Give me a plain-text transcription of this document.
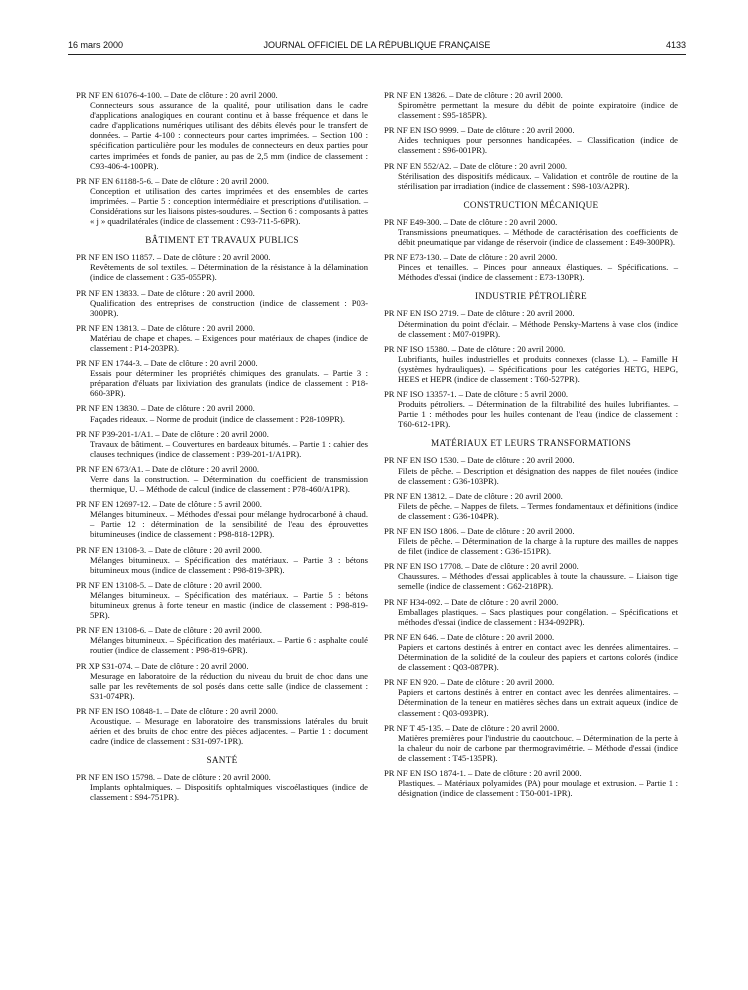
16 mars 2000	JOURNAL OFFICIEL DE LA RÉPUBLIQUE FRANÇAISE	4133

PR NF EN 61076-4-100. – Date de clôture : 20 avril 2000.

Connecteurs sous assurance de la qualité, pour utilisation dans le cadre d'applications analogiques en courant continu et à basse fréquence et dans le cadre d'applications numériques utilisant des débits élevés pour le transfert de données. – Partie 4-100 : connecteurs pour cartes imprimées. – Section 100 : spécification particulière pour les modules de connecteurs en deux parties pour cartes imprimées et fonds de panier, au pas de 2,5 mm (indice de classement : C93-406-4-100PR).

PR NF EN 61188-5-6. – Date de clôture : 20 avril 2000.

Conception et utilisation des cartes imprimées et des ensembles de cartes imprimées. – Partie 5 : conception intermédiaire et prescriptions d'utilisation. – Considérations sur les liaisons pistes-soudures. – Section 6 : composants à pattes « j » quadrilatérales (indice de classement : C93-711-5-6PR).

BÂTIMENT ET TRAVAUX PUBLICS

PR NF EN ISO 11857. – Date de clôture : 20 avril 2000.

Revêtements de sol textiles. – Détermination de la résistance à la délamination (indice de classement : G35-055PR).

PR NF EN 13833. – Date de clôture : 20 avril 2000.

Qualification des entreprises de construction (indice de classement : P03-300PR).

PR NF EN 13813. – Date de clôture : 20 avril 2000.

Matériau de chape et chapes. – Exigences pour matériaux de chapes (indice de classement : P14-203PR).

PR NF EN 1744-3. – Date de clôture : 20 avril 2000.

Essais pour déterminer les propriétés chimiques des granulats. – Partie 3 : préparation d'éluats par lixiviation des granulats (indice de classement : P18-660-3PR).

PR NF EN 13830. – Date de clôture : 20 avril 2000.

Façades rideaux. – Norme de produit (indice de classement : P28-109PR).

PR NF P39-201-1/A1. – Date de clôture : 20 avril 2000.

Travaux de bâtiment. – Couvertures en bardeaux bitumés. – Partie 1 : cahier des clauses techniques (indice de classement : P39-201-1/A1PR).

PR NF EN 673/A1. – Date de clôture : 20 avril 2000.

Verre dans la construction. – Détermination du coefficient de transmission thermique, U. – Méthode de calcul (indice de classement : P78-460/A1PR).

PR NF EN 12697-12. – Date de clôture : 5 avril 2000.

Mélanges bitumineux. – Méthodes d'essai pour mélange hydrocarboné à chaud. – Partie 12 : détermination de la sensibilité de l'eau des éprouvettes bitumineuses (indice de classement : P98-818-12PR).

PR NF EN 13108-3. – Date de clôture : 20 avril 2000.

Mélanges bitumineux. – Spécification des matériaux. – Partie 3 : bétons bitumineux mous (indice de classement : P98-819-3PR).

PR NF EN 13108-5. – Date de clôture : 20 avril 2000.

Mélanges bitumineux. – Spécification des matériaux. – Partie 5 : bétons bitumineux grenus à forte teneur en mastic (indice de classement : P98-819-5PR).

PR NF EN 13108-6. – Date de clôture : 20 avril 2000.

Mélanges bitumineux. – Spécification des matériaux. – Partie 6 : asphalte coulé routier (indice de classement : P98-819-6PR).

PR XP S31-074. – Date de clôture : 20 avril 2000.

Mesurage en laboratoire de la réduction du niveau du bruit de choc dans une salle par les revêtements de sol posés dans cette salle (indice de classement : S31-074PR).

PR NF EN ISO 10848-1. – Date de clôture : 20 avril 2000.

Acoustique. – Mesurage en laboratoire des transmissions latérales du bruit aérien et des bruits de choc entre des pièces adjacentes. – Partie 1 : document cadre (indice de classement : S31-097-1PR).

SANTÉ

PR NF EN ISO 15798. – Date de clôture : 20 avril 2000.

Implants ophtalmiques. – Dispositifs ophtalmiques viscoélastiques (indice de classement : S94-751PR).

PR NF EN 13826. – Date de clôture : 20 avril 2000.

Spiromètre permettant la mesure du débit de pointe expiratoire (indice de classement : S95-185PR).

PR NF EN ISO 9999. – Date de clôture : 20 avril 2000.

Aides techniques pour personnes handicapées. – Classification (indice de classement : S96-001PR).

PR NF EN 552/A2. – Date de clôture : 20 avril 2000.

Stérilisation des dispositifs médicaux. – Validation et contrôle de routine de la stérilisation par irradiation (indice de classement : S98-103/A2PR).

CONSTRUCTION MÉCANIQUE

PR NF E49-300. – Date de clôture : 20 avril 2000.

Transmissions pneumatiques. – Méthode de caractérisation des coefficients de débit pneumatique par vidange de réservoir (indice de classement : E49-300PR).

PR NF E73-130. – Date de clôture : 20 avril 2000.

Pinces et tenailles. – Pinces pour anneaux élastiques. – Spécifications. – Méthodes d'essai (indice de classement : E73-130PR).

INDUSTRIE PÉTROLIÈRE

PR NF EN ISO 2719. – Date de clôture : 20 avril 2000.

Détermination du point d'éclair. – Méthode Pensky-Martens à vase clos (indice de classement : M07-019PR).

PR NF ISO 15380. – Date de clôture : 20 avril 2000.

Lubrifiants, huiles industrielles et produits connexes (classe L). – Famille H (systèmes hydrauliques). – Spécifications pour les catégories HETG, HEPG, HEES et HEPR (indice de classement : T60-527PR).

PR NF ISO 13357-1. – Date de clôture : 5 avril 2000.

Produits pétroliers. – Détermination de la filtrabilité des huiles lubrifiantes. – Partie 1 : méthodes pour les huiles contenant de l'eau (indice de classement : T60-612-1PR).

MATÉRIAUX ET LEURS TRANSFORMATIONS

PR NF EN ISO 1530. – Date de clôture : 20 avril 2000.

Filets de pêche. – Description et désignation des nappes de filet nouées (indice de classement : G36-103PR).

PR NF EN 13812. – Date de clôture : 20 avril 2000.

Filets de pêche. – Nappes de filets. – Termes fondamentaux et définitions (indice de classement : G36-104PR).

PR NF EN ISO 1806. – Date de clôture : 20 avril 2000.

Filets de pêche. – Détermination de la charge à la rupture des mailles de nappes de filet (indice de classement : G36-151PR).

PR NF EN ISO 17708. – Date de clôture : 20 avril 2000.

Chaussures. – Méthodes d'essai applicables à toute la chaussure. – Liaison tige semelle (indice de classement : G62-218PR).

PR NF H34-092. – Date de clôture : 20 avril 2000.

Emballages plastiques. – Sacs plastiques pour congélation. – Spécifications et méthodes d'essai (indice de classement : H34-092PR).

PR NF EN 646. – Date de clôture : 20 avril 2000.

Papiers et cartons destinés à entrer en contact avec les denrées alimentaires. – Détermination de la solidité de la couleur des papiers et cartons colorés (indice de classement : Q03-087PR).

PR NF EN 920. – Date de clôture : 20 avril 2000.

Papiers et cartons destinés à entrer en contact avec les denrées alimentaires. – Détermination de la teneur en matières sèches dans un extrait aqueux (indice de classement : Q03-093PR).

PR NF T 45-135. – Date de clôture : 20 avril 2000.

Matières premières pour l'industrie du caoutchouc. – Détermination de la perte à la chaleur du noir de carbone par thermogravimétrie. – Méthode d'essai (indice de classement : T45-135PR).

PR NF EN ISO 1874-1. – Date de clôture : 20 avril 2000.

Plastiques. – Matériaux polyamides (PA) pour moulage et extrusion. – Partie 1 : désignation (indice de classement : T50-001-1PR).
